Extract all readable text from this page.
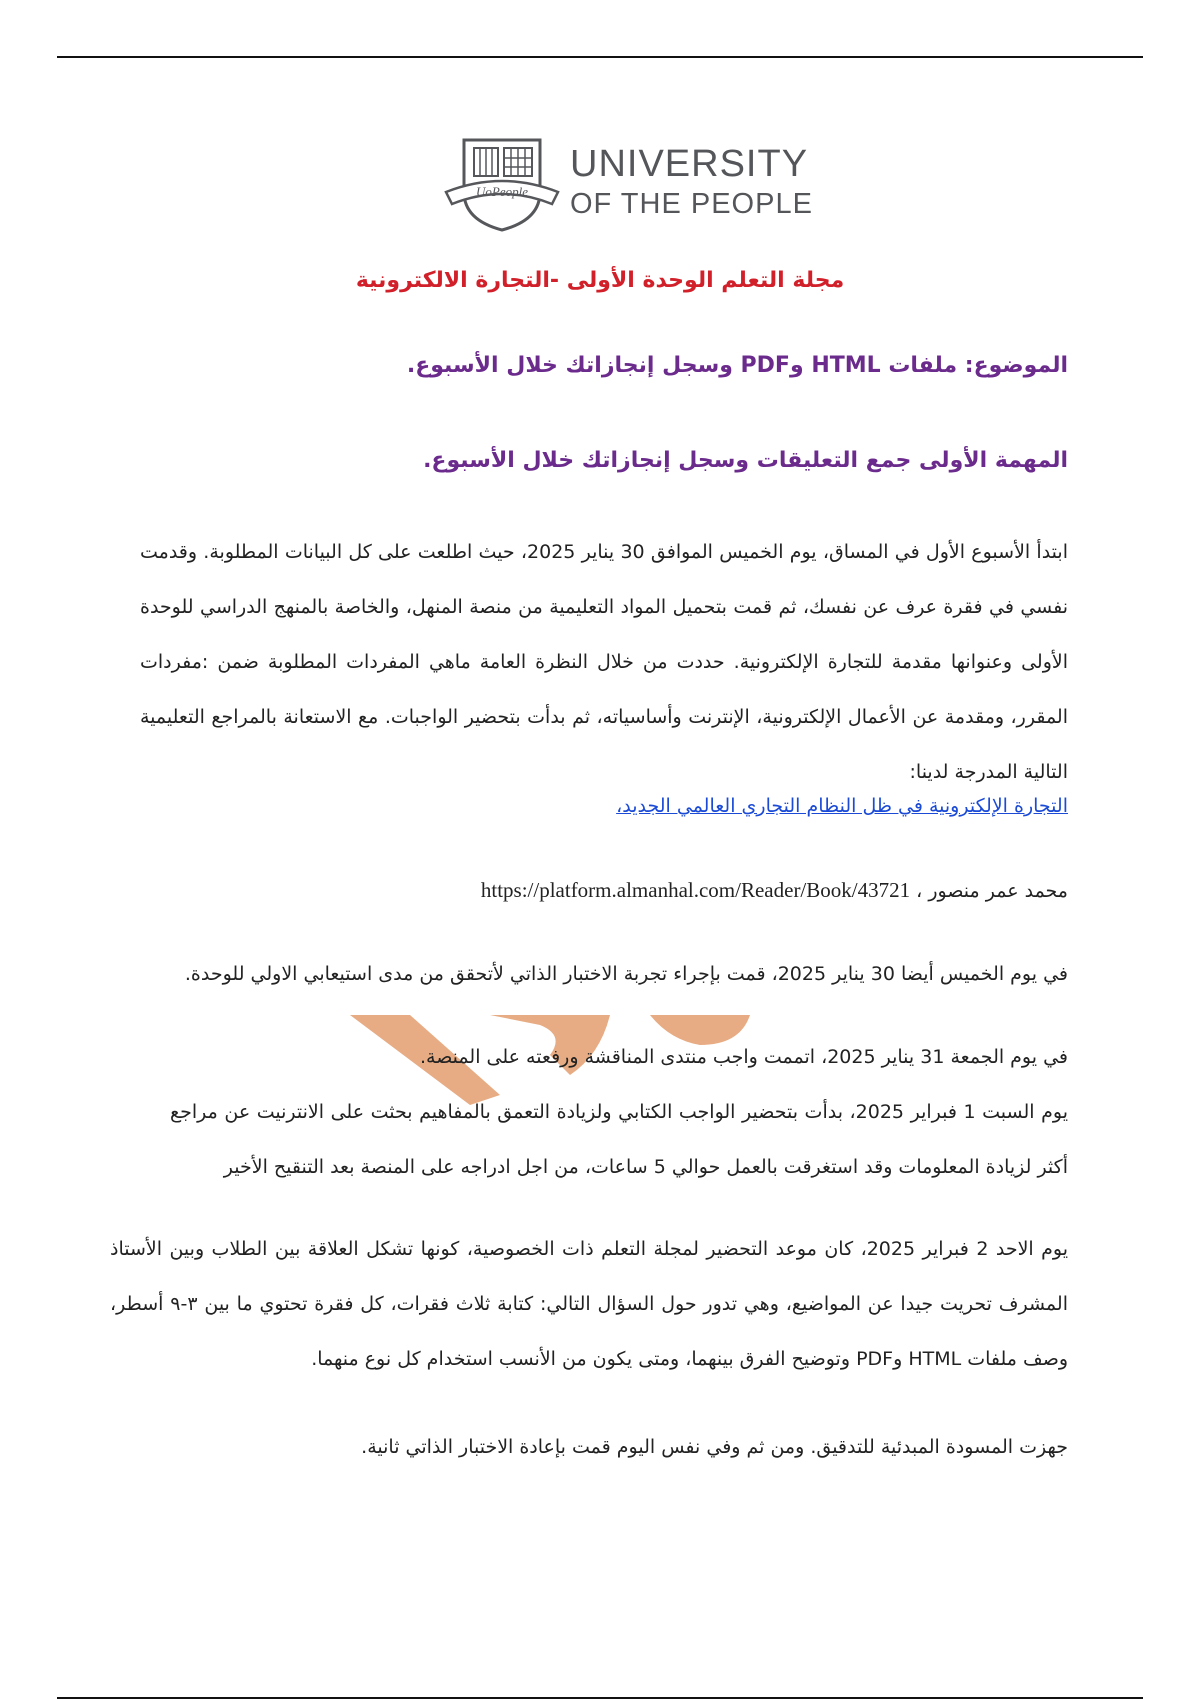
UoPeople
UNIVERSITY
OF THE PEOPLE
مجلة التعلم الوحدة الأولى -التجارة الالكترونية
الموضوع: ملفات HTML وPDF وسجل إنجازاتك خلال الأسبوع.
المهمة الأولى جمع التعليقات وسجل إنجازاتك خلال الأسبوع.
ابتدأ الأسبوع الأول في المساق، يوم الخميس الموافق 30 يناير 2025، حيث اطلعت على كل البيانات المطلوبة. وقدمت نفسي في فقرة عرف عن نفسك، ثم قمت بتحميل المواد التعليمية من منصة المنهل، والخاصة بالمنهج الدراسي للوحدة الأولى وعنوانها مقدمة للتجارة الإلكترونية. حددت من خلال النظرة العامة ماهي المفردات المطلوبة ضمن :مفردات المقرر، ومقدمة عن الأعمال الإلكترونية، الإنترنت وأساسياته، ثم بدأت بتحضير الواجبات. مع الاستعانة بالمراجع التعليمية التالية المدرجة لدينا:
التجارة الإلكترونية في ظل النظام التجاري العالمي الجديد،
محمد عمر منصور ، https://platform.almanhal.com/Reader/Book/43721
في يوم الخميس أيضا 30 يناير 2025، قمت بإجراء تجربة الاختبار الذاتي لأتحقق من مدى استيعابي الاولي للوحدة.
في يوم الجمعة 31 يناير 2025، اتممت واجب منتدى المناقشة ورفعته على المنصة.
يوم السبت 1 فبراير 2025، بدأت بتحضير الواجب الكتابي ولزيادة التعمق بالمفاهيم بحثت على الانترنيت عن مراجع أكثر لزيادة المعلومات وقد استغرقت بالعمل حوالي 5 ساعات، من اجل ادراجه على المنصة بعد التنقيح الأخير
يوم الاحد 2 فبراير 2025، كان موعد التحضير لمجلة التعلم ذات الخصوصية، كونها تشكل العلاقة بين الطلاب وبين الأستاذ المشرف تحريت جيدا عن المواضيع، وهي تدور حول السؤال التالي: كتابة ثلاث فقرات، كل فقرة تحتوي ما بين ٣-٩ أسطر، وصف ملفات HTML وPDF وتوضيح الفرق بينهما، ومتى يكون من الأنسب استخدام كل نوع منهما.
جهزت المسودة المبدئية للتدقيق. ومن ثم وفي نفس اليوم قمت بإعادة الاختبار الذاتي ثانية.
